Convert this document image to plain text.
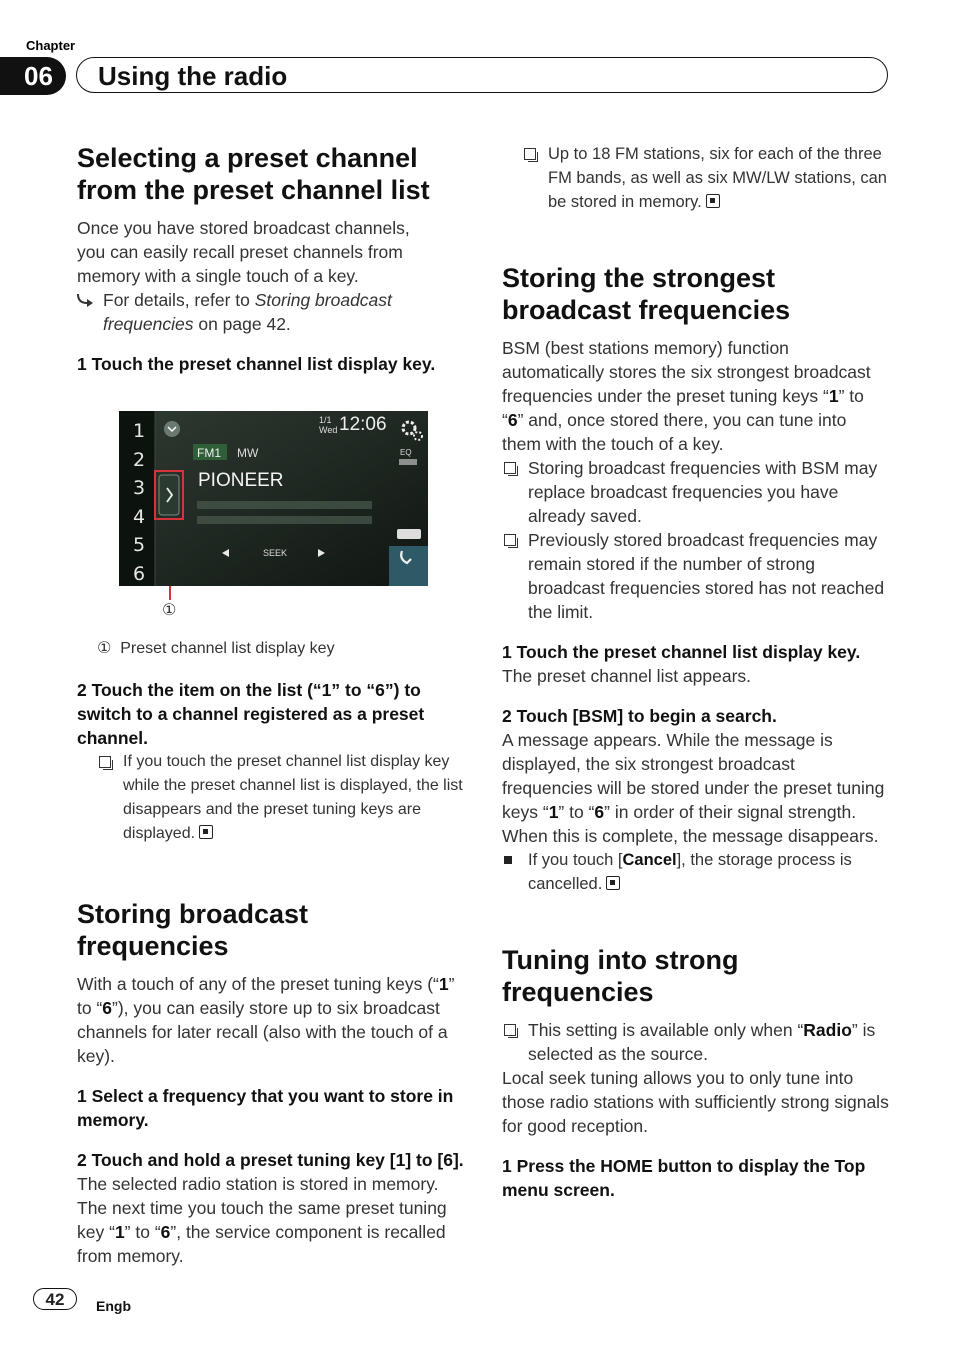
Chapter
06	Using the radio
Selecting a preset channel
from the preset channel list

Once you have stored broadcast channels, you can easily recall preset channels from memory with a single touch of a key.

For details, refer to Storing broadcast frequencies on page 42.

1 Touch the preset channel list display key.

1
2
3
4
5
6
FM1 MW
1/1
Wed 12:06
EQ
PIONEER
SEEK
①
① Preset channel list display key

2 Touch the item on the list (“1” to “6”) to switch to a channel registered as a preset channel.

If you touch the preset channel list display key while the preset channel list is displayed, the list disappears and the preset tuning keys are displayed.
Storing broadcast frequencies

With a touch of any of the preset tuning keys (“1” to “6”), you can easily store up to six broadcast channels for later recall (also with the touch of a key).

1 Select a frequency that you want to store in memory.

2 Touch and hold a preset tuning key [1] to [6].

The selected radio station is stored in memory. The next time you touch the same preset tuning key “1” to “6”, the service component is recalled from memory.

Up to 18 FM stations, six for each of the three FM bands, as well as six MW/LW stations, can be stored in memory.
Storing the strongest
broadcast frequencies

BSM (best stations memory) function automatically stores the six strongest broadcast frequencies under the preset tuning keys “1” to “6” and, once stored there, you can tune into them with the touch of a key.

Storing broadcast frequencies with BSM may replace broadcast frequencies you have already saved.
Previously stored broadcast frequencies may remain stored if the number of strong broadcast frequencies stored has not reached the limit.

1 Touch the preset channel list display key.

The preset channel list appears.

2 Touch [BSM] to begin a search.

A message appears. While the message is displayed, the six strongest broadcast frequencies will be stored under the preset tuning keys “1” to “6” in order of their signal strength. When this is complete, the message disappears.

If you touch [Cancel], the storage process is cancelled.

Tuning into strong frequencies
This setting is available only when “Radio” is selected as the source.

Local seek tuning allows you to only tune into those radio stations with sufficiently strong signals for good reception.

1 Press the HOME button to display the Top menu screen.

42	Engb
